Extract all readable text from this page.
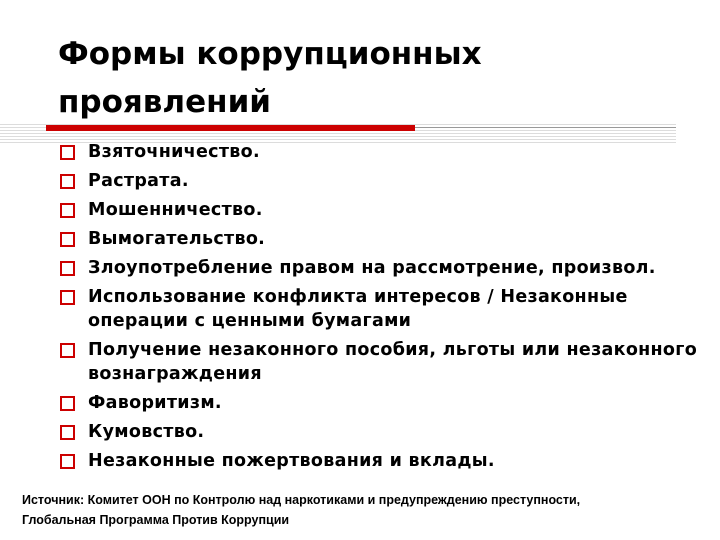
Формы коррупционных проявлений
Взяточничество.
Растрата.
Мошенничество.
Вымогательство.
Злоупотребление правом на рассмотрение, произвол.
Использование конфликта интересов / Незаконные операции с ценными бумагами
Получение незаконного пособия, льготы или незаконного вознаграждения
Фаворитизм.
Кумовство.
Незаконные пожертвования и вклады.
Источник: Комитет ООН по Контролю над наркотиками и предупреждению преступности,
Глобальная Программа Против Коррупции
